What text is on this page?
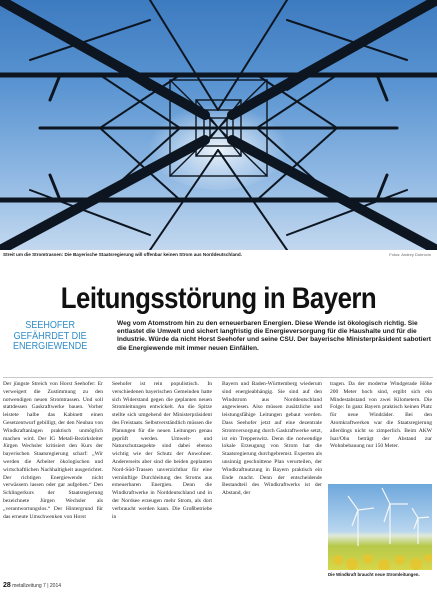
Streit um die Stromtrassen: Die Bayerische Staatsregierung will offenbar keinen Strom aus Norddeutschland.	Fotos: Andrey Dubrovin
Leitungsstörung in Bayern
SEEHOFER
GEFÄHRDET DIE
ENERGIEWENDE

Weg vom Atomstrom hin zu den erneuerbaren Energien. Diese Wende ist ökologisch richtig. Sie entlastet die Umwelt und sichert langfristig die Energieversorgung für die Haushalte und für die Industrie. Würde da nicht Horst Seehofer und seine CSU. Der bayerische Ministerpräsident sabotiert die Energiewende mit immer neuen Einfällen.

Der jüngste Streich von Horst Seehofer: Er verweigert die Zustimmung zu den notwendigen neuen Stromtrassen. Und soll stattdessen Gaskraftwerke bauen. Vorher leistete halbe das Kabinett einen Gesetzentwurf gebilligt, der den Neubau von Windkraftanlagen praktisch unmöglich machen wird. Der IG Metall-Bezirksleiter Jürgen Wechsler kritisiert den Kurs der bayerischen Staatsregierung scharf: „Wir werden die Arbeiter ökologischen und wirtschaftlichen Nachhaltigkeit ausgerichtet. Der richtigen Energiewende nicht verwässern lassen oder gar aufgeben.“ Den Schlingerkurs der Staatsregierung bezeichnete Jürgen Wechsler als „verantwortungslos.“ Der Hintergrund für das erneute Umschwenken von Horst

Seehofer ist rein populistisch. In verschiedenen bayerischen Gemeinden hatte sich Widerstand gegen die geplanten neuen Stromleitungen entwickelt. An die Spitze stellte sich umgehend der Ministerpräsident des Freistaats. Selbstverständlich müssen die Planungen für die neuen Leitungen genau geprüft werden. Umwelt- und Naturschutzaspekte sind dabei ebenso wichtig wie der Schutz der Anwohner. Andererseits aber sind die beiden geplanten Nord-Süd-Trassen unverzichtbar für eine vernünftige Durchleitung des Stroms aus erneuerbaren Energien. Denn die Windkraftwerke in Norddeutschland und in der Nordsee erzeugen mehr Strom, als dort verbraucht werden kann. Die Großbetriebe in

Bayern und Baden-Württemberg wiederum sind energieabhängig. Sie sind auf den Windstrom aus Norddeutschland angewiesen. Also müssen zusätzliche und leistungsfähige Leitungen gebaut werden. Dass Seehofer jetzt auf eine dezentrale Stromversorgung durch Gaskraftwerke setzt, ist ein Treppenwitz. Denn die notwendige lokale Erzeugung von Strom hat die Staatsregierung durchgebremst. Experten als unsinnig geschnittene Plan verurteilen, der Windkraftnutzung in Bayern praktisch ein Ende macht. Denn der entscheidende Bestandteil des Windkraftwerks ist der Abstand, der

tragen. Da der moderne Windgerade Höhe 200 Meter hoch sind, ergibt sich ein Mindestabstand von zwei Kilometern. Die Folge: In ganz Bayern praktisch keinen Platz für neue Windräder. Bei den Atomkraftwerken war die Staatsregierung allerdings nicht so zimperlich. Beim AKW Isar/Ohu beträgt der Abstand zur Wohnbebauung nur 150 Meter.

Die Windkraft braucht neue Stromleitungen.
28 metallzeitung 7 | 2014
